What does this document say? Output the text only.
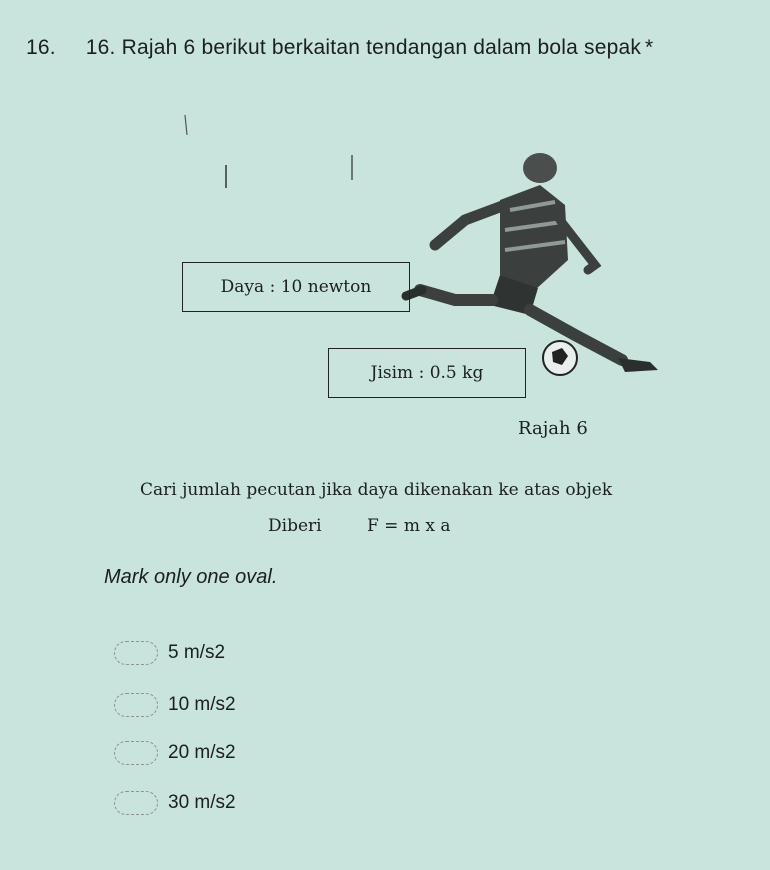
16. 16. Rajah 6 berikut berkaitan tendangan dalam bola sepak *
Daya : 10 newton
Jisim : 0.5 kg
Rajah 6
Cari jumlah pecutan jika daya dikenakan ke atas objek
Diberi	F = m x a
Mark only one oval.
5 m/s2
10 m/s2
20 m/s2
30 m/s2
